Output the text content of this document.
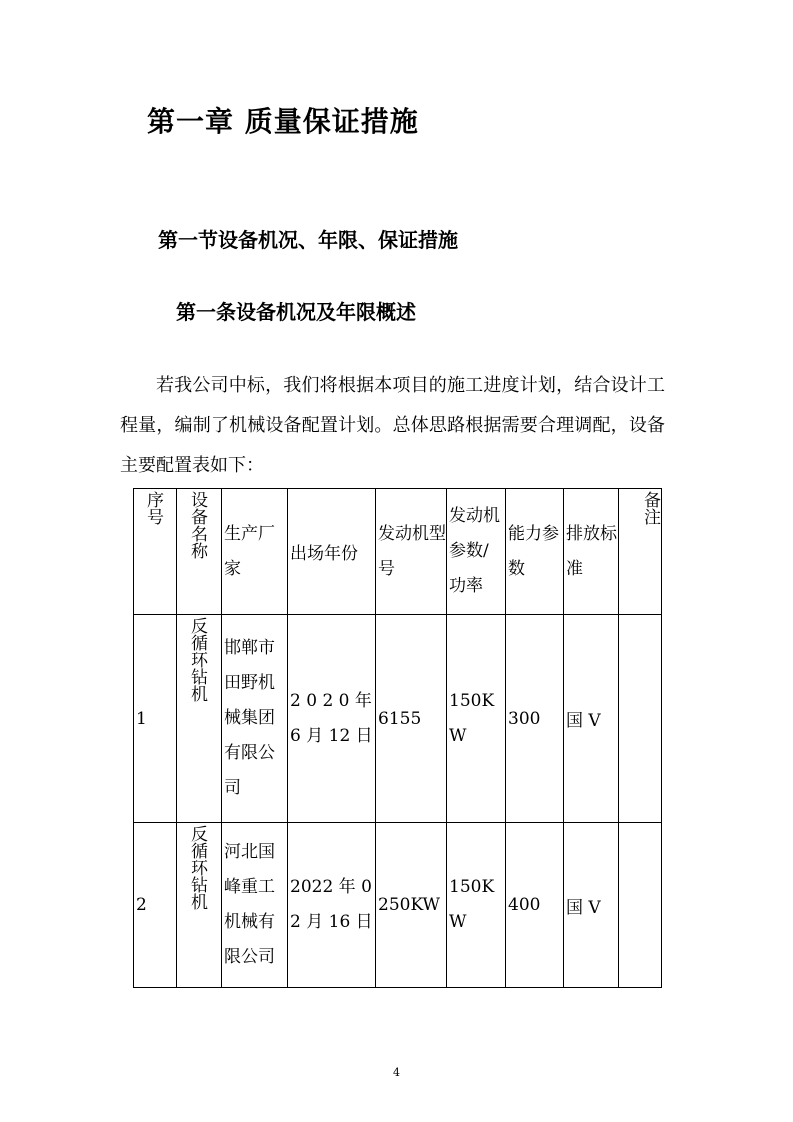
第一章 质量保证措施
第一节设备机况、年限、保证措施
第一条设备机况及年限概述

若我公司中标，我们将根据本项目的施工进度计划，结合设计工程量，编制了机械设备配置计划。总体思路根据需要合理调配，设备主要配置表如下：

序号	设备名称	生产厂家	出场年份	发动机型号	发动机参数/功率	能力参数	排放标准	备注
1	反循环钻机	邯郸市田野机械集团有限公司	2 0 2 0 年6 月 12 日	6155	150KW	300	国 V	
2	反循环钻机	河北国峰重工机械有限公司	2022 年 02 月 16 日	250KW	150KW	400	国 V	
4
